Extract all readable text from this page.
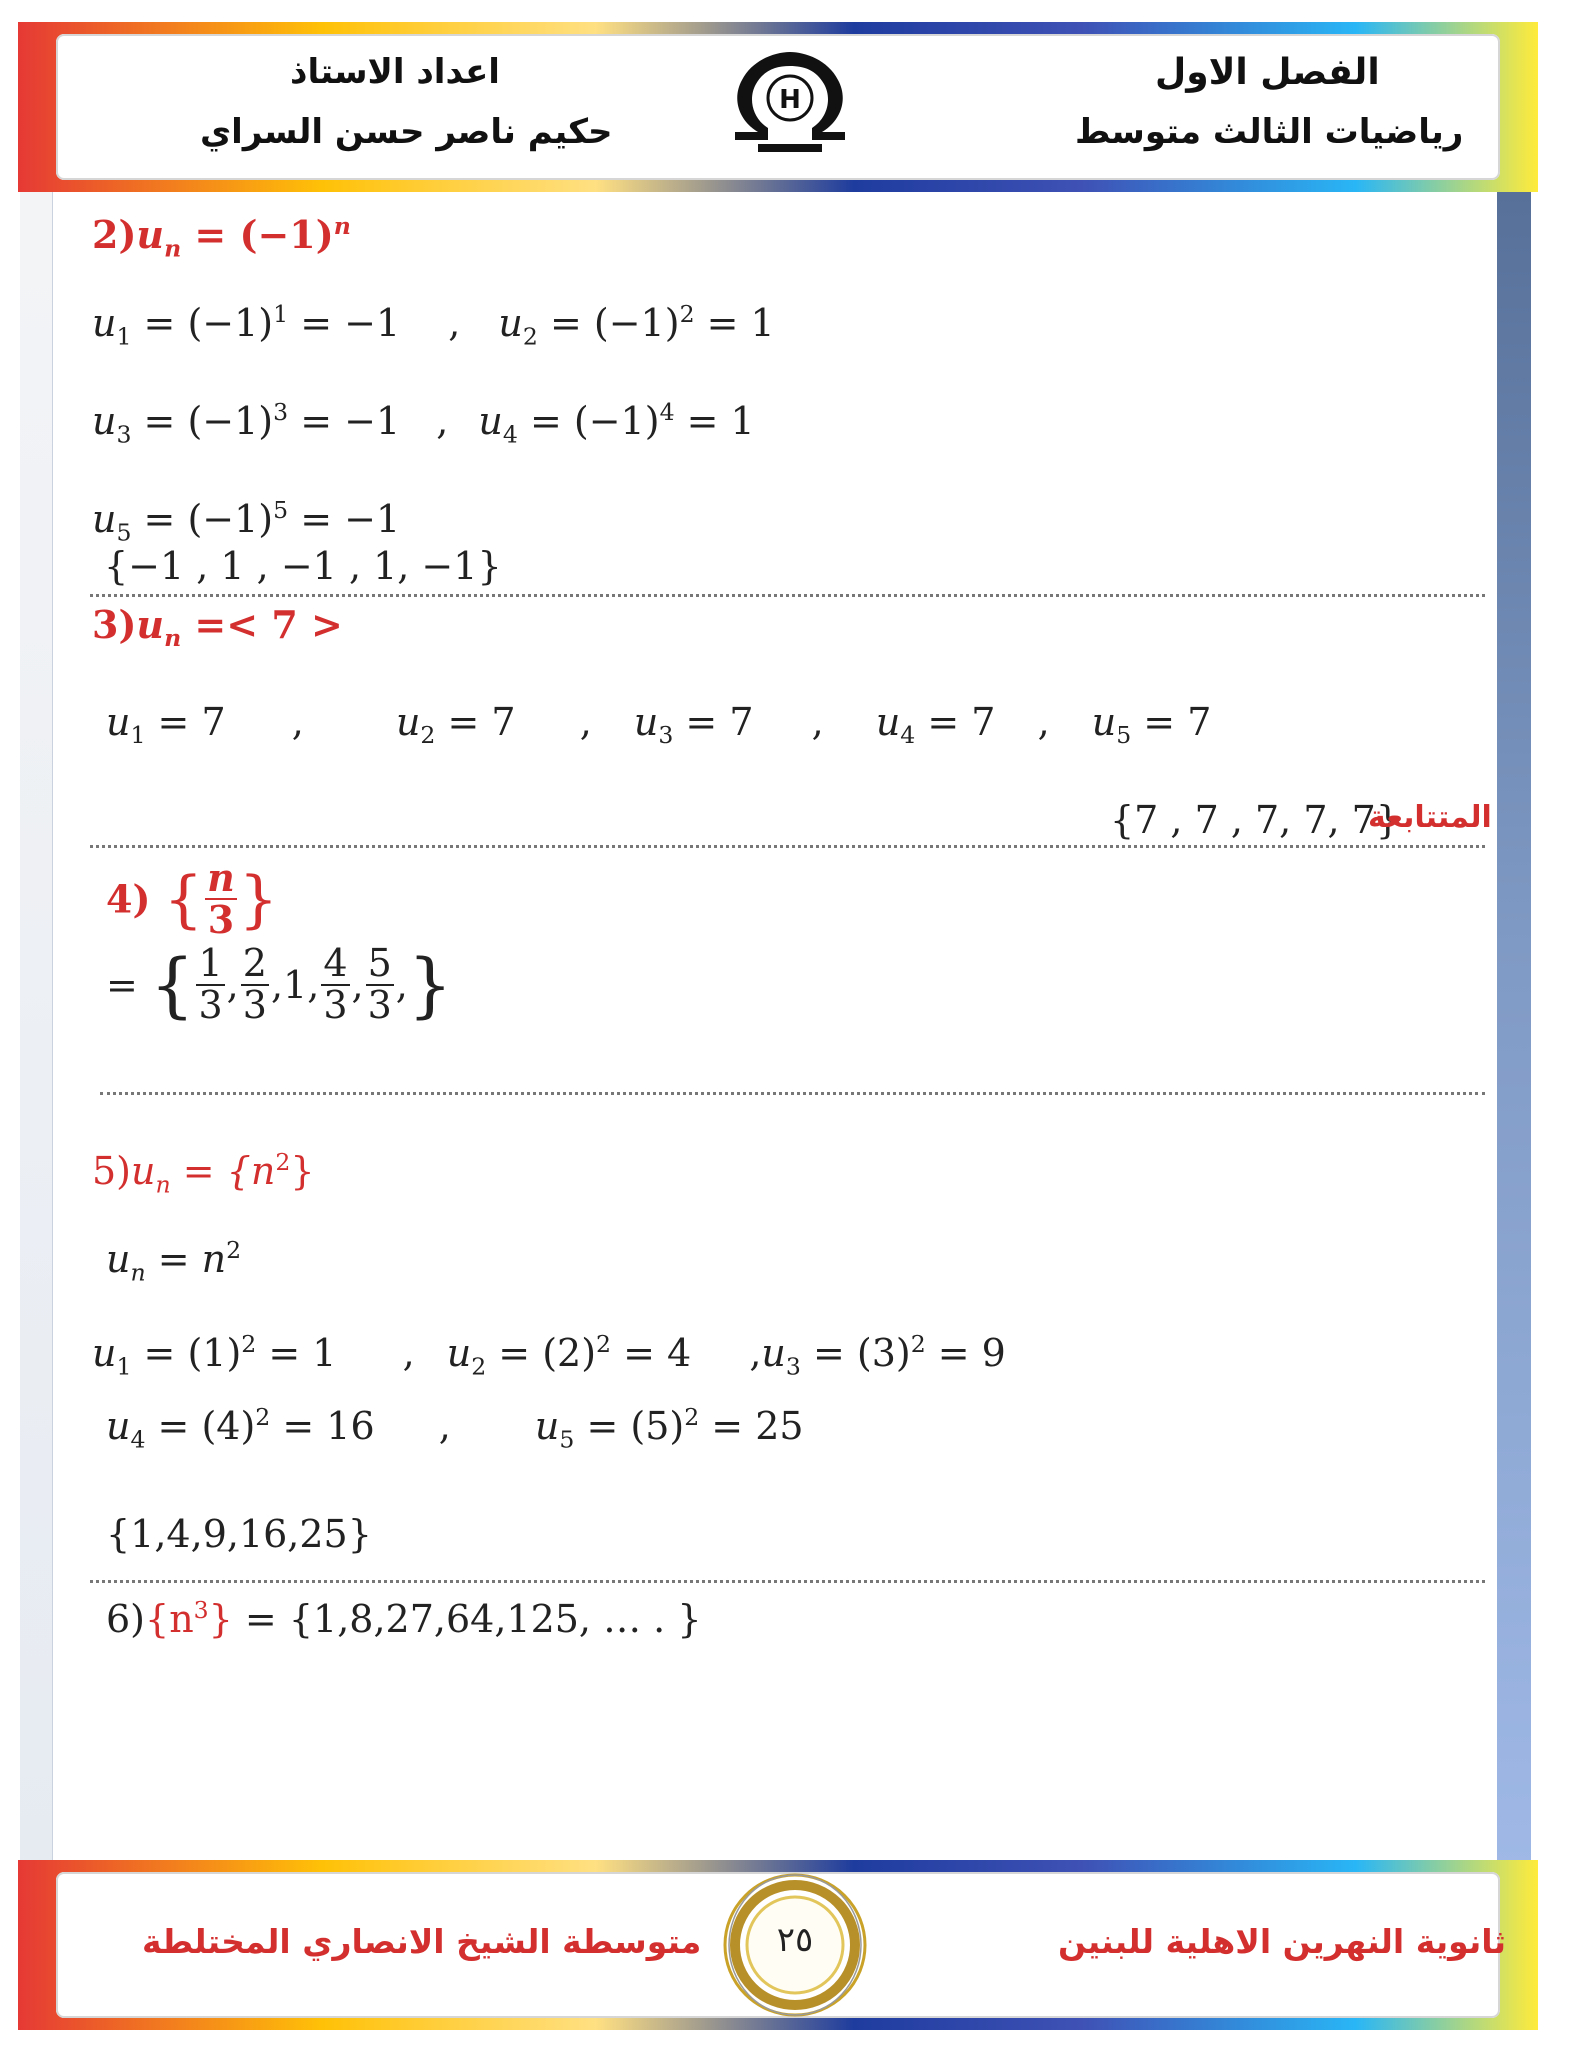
الفصل الاول
رياضيات الثالث متوسط
اعداد الاستاذ
حكيم ناصر حسن السراي
H
$2)u_n = (-1)^n$
$u_1 = (-1)^1 = -1$ , $u_2 = (-1)^2 = 1$
$u_3 = (-1)^3 = -1$ , $u_4 = (-1)^4 = 1$
$u_5 = (-1)^5 = -1$
{−1 , 1 , −1 , 1, −1}
$3)u_n =< 7$ >
$u_1 = 7$ , $u_2 = 7$ , $u_3 = 7$ , $u_4 = 7$ , $u_5 = 7$
{7 , 7 , 7, 7, 7}
المتتابعة
4) { $\frac{n}{3}$ }
= { $\frac{1}{3}$ , $\frac{2}{3} ,1$, $\frac{4}{3}$ , $\frac{5}{3}$ ,}
$5)u_n = \{n^2\}$
$u_n = n^2$
$u_1 = (1)^2 = 1$ , $u_2 = (2)^2 = 4$ $,u_3 = (3)^2 = 9$
$u_4 = (4)^2 = 16$ , $u_5 = (5)^2 = 25$
{1,4,9,16,25}
$6)\{n^3\} = \{1,8,27,64,125$, … . }
ثانوية النهرين الاهلية للبنين
متوسطة الشيخ الانصاري المختلطة	٢٥
